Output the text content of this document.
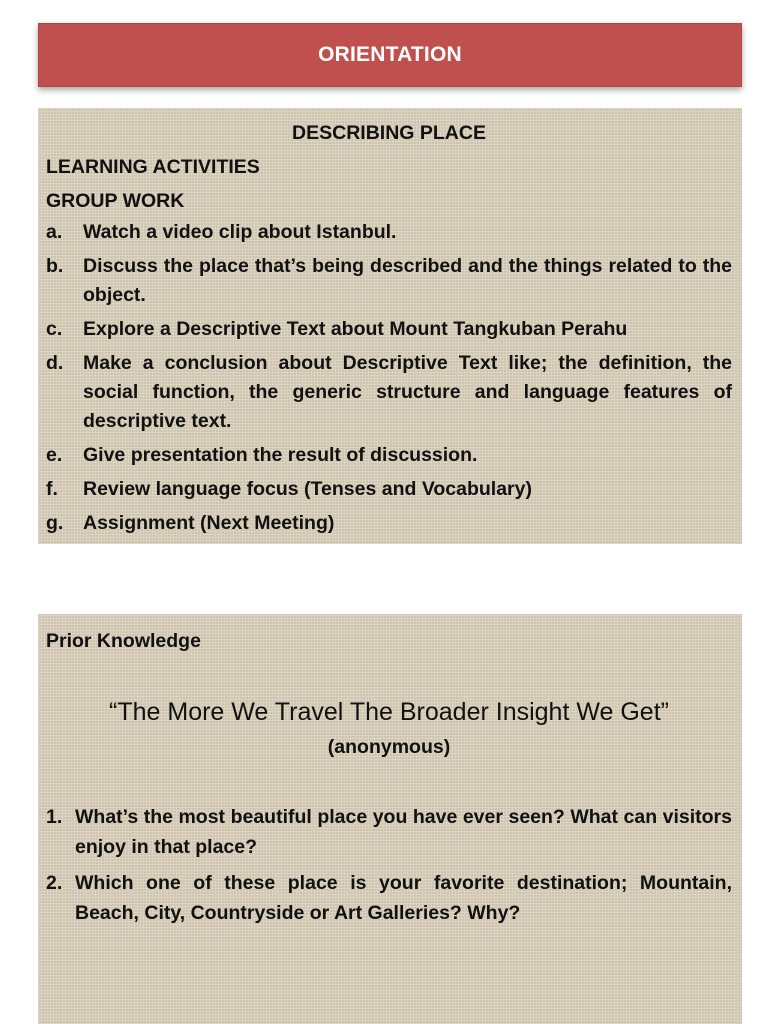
ORIENTATION
DESCRIBING PLACE
LEARNING ACTIVITIES
GROUP WORK
a.	Watch a video clip about Istanbul.
b.	Discuss the place that’s being described and the things related to the object.
c.	Explore a Descriptive Text about Mount Tangkuban Perahu
d.	Make a conclusion about Descriptive Text like; the definition, the social function, the generic structure and language features of descriptive text.
e.	Give presentation the result of discussion.
f.	Review language focus (Tenses and Vocabulary)
g.	Assignment (Next Meeting)
Prior Knowledge
“The More We Travel The Broader Insight We Get”
(anonymous)
1. What’s the most beautiful place you have ever seen? What can visitors enjoy in that place?
2. Which one of these place is your favorite destination; Mountain, Beach, City, Countryside or Art Galleries? Why?
